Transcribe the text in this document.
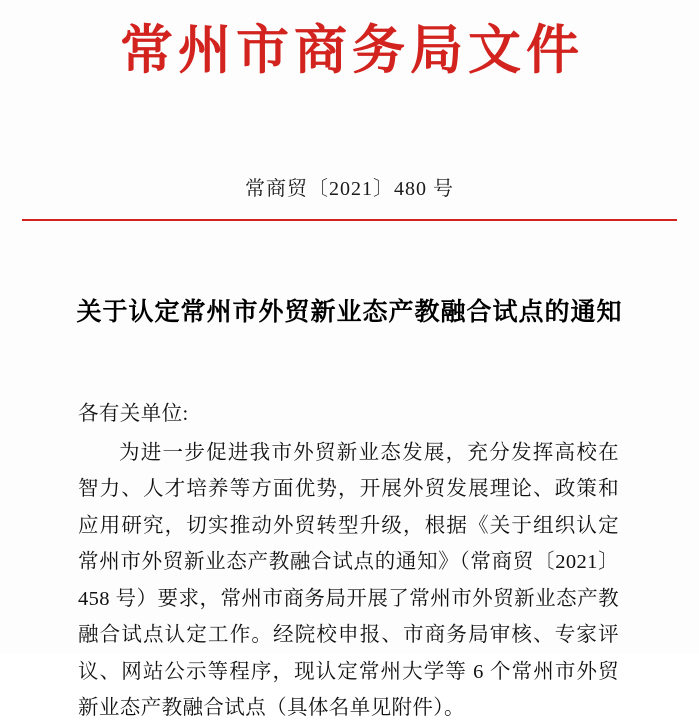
常州市商务局文件
常商贸〔2021〕480 号
关于认定常州市外贸新业态产教融合试点的通知

各有关单位:

为进一步促进我市外贸新业态发展，充分发挥高校在智力、人才培养等方面优势，开展外贸发展理论、政策和应用研究，切实推动外贸转型升级，根据《关于组织认定常州市外贸新业态产教融合试点的通知》（常商贸〔2021〕458 号）要求，常州市商务局开展了常州市外贸新业态产教融合试点认定工作。经院校申报、市商务局审核、专家评议、网站公示等程序，现认定常州大学等 6 个常州市外贸新业态产教融合试点（具体名单见附件）。
